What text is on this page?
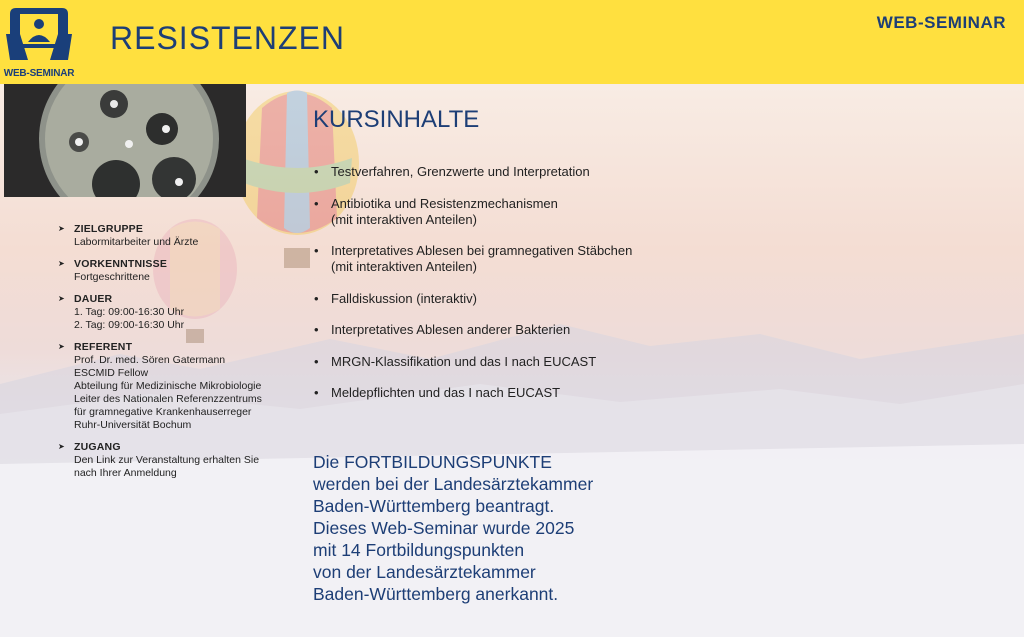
WEB-SEMINAR
RESISTENZEN	WEB-SEMINAR
➤ ZIELGRUPPE
Labormitarbeiter und Ärzte
➤ VORKENNTNISSE
Fortgeschrittene
➤ DAUER
1. Tag: 09:00-16:30 Uhr
2. Tag: 09:00-16:30 Uhr
➤ REFERENT
Prof. Dr. med. Sören Gatermann
ESCMID Fellow
Abteilung für Medizinische Mikrobiologie
Leiter des Nationalen Referenzzentrums
für gramnegative Krankenhauserreger
Ruhr-Universität Bochum
➤ ZUGANG
Den Link zur Veranstaltung erhalten Sie
nach Ihrer Anmeldung
KURSINHALTE
• Testverfahren, Grenzwerte und Interpretation
• Antibiotika und Resistenzmechanismen
(mit interaktiven Anteilen)
• Interpretatives Ablesen bei gramnegativen Stäbchen
(mit interaktiven Anteilen)
• Falldiskussion (interaktiv)
• Interpretatives Ablesen anderer Bakterien
• MRGN-Klassifikation und das I nach EUCAST
• Meldepflichten und das I nach EUCAST
Die FORTBILDUNGSPUNKTE
werden bei der Landesärztekammer
Baden-Württemberg beantragt.
Dieses Web-Seminar wurde 2025
mit 14 Fortbildungspunkten
von der Landesärztekammer
Baden-Württemberg anerkannt.
